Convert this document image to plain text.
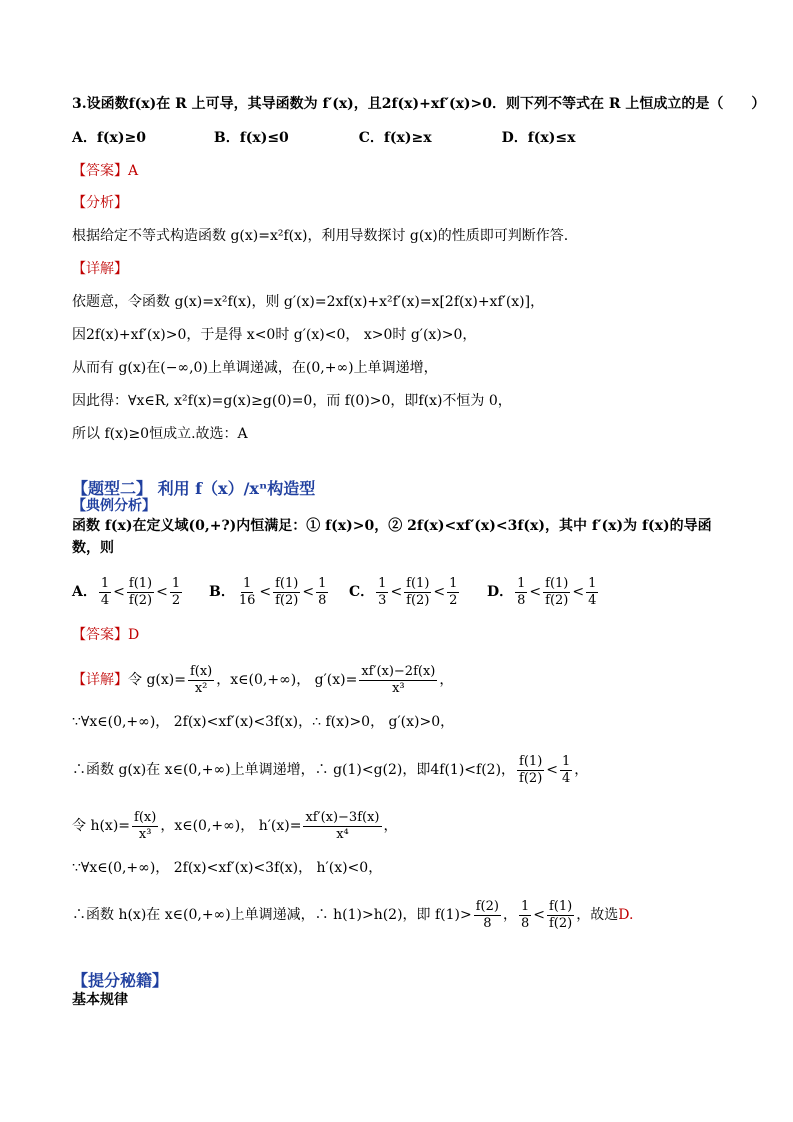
3.设函数f(x)在 R 上可导，其导函数为 f′(x)，且2f(x)+xf′(x)>0．则下列不等式在 R 上恒成立的是（　　）
A．f(x)≥0	B．f(x)≤0	C．f(x)≥x	D．f(x)≤x
【答案】A
【分析】
根据给定不等式构造函数 g(x)=x²f(x)，利用导数探讨 g(x)的性质即可判断作答.
【详解】
依题意，令函数 g(x)=x²f(x)，则 g′(x)=2xf(x)+x²f′(x)=x[2f(x)+xf′(x)]，
因2f(x)+xf′(x)>0，于是得 x<0时 g′(x)<0， x>0时 g′(x)>0，
从而有 g(x)在(−∞,0)上单调递减，在(0,+∞)上单调递增，
因此得：∀x∈R, x²f(x)=g(x)≥g(0)=0，而 f(0)>0，即f(x)不恒为 0，
所以 f(x)≥0恒成立.故选：A
【题型二】 利用 f（x）/xⁿ构造型
【典例分析】
函数 f(x)在定义域(0,+?)内恒满足：① f(x)>0，② 2f(x)<xf′(x)<3f(x)，其中 f′(x)为 f(x)的导函
数，则
A． $\frac{1}{4} < \frac{f(1)}{f(2)} < \frac{1}{2}$ B． $\frac{1}{16} < \frac{f(1)}{f(2)} < \frac{1}{8}$ C． $\frac{1}{3} < \frac{f(1)}{f(2)} < \frac{1}{2}$ D． $\frac{1}{8} < \frac{f(1)}{f(2)} < \frac{1}{4}$
【答案】D
【详解】 令 $g(x)= \frac{f(x)}{\text{x²}}$ ，x∈(0,+∞)， $g'(x)= \frac{xf'(x)-2f(x)}{\text{x³}}$ ，
∵∀x∈(0,+∞)， 2f(x)<xf′(x)<3f(x)，∴ f(x)>0， g′(x)>0，
∴函数 g(x)在 x∈(0,+∞)上单调递增，∴ g(1)<g(2)，即4f(1)<f(2)， $\frac{f(1)}{f(2)} < \frac{1}{4}$ ，
令 $h(x)= \frac{f(x)}{\text{x³}}$ ，x∈(0,+∞)， $h'(x)= \frac{xf'(x)-3f(x)}{\text{x⁴}}$ ，
∵∀x∈(0,+∞)， 2f(x)<xf′(x)<3f(x)， h′(x)<0，
∴函数 h(x)在 x∈(0,+∞)上单调递减，∴ h(1)>h(2)，即 $f(1)> \frac{f(2)}{8}$ ， $\frac{1}{8} < \frac{f(1)}{f(2)}$ ，故选 D.
【提分秘籍】
基本规律
